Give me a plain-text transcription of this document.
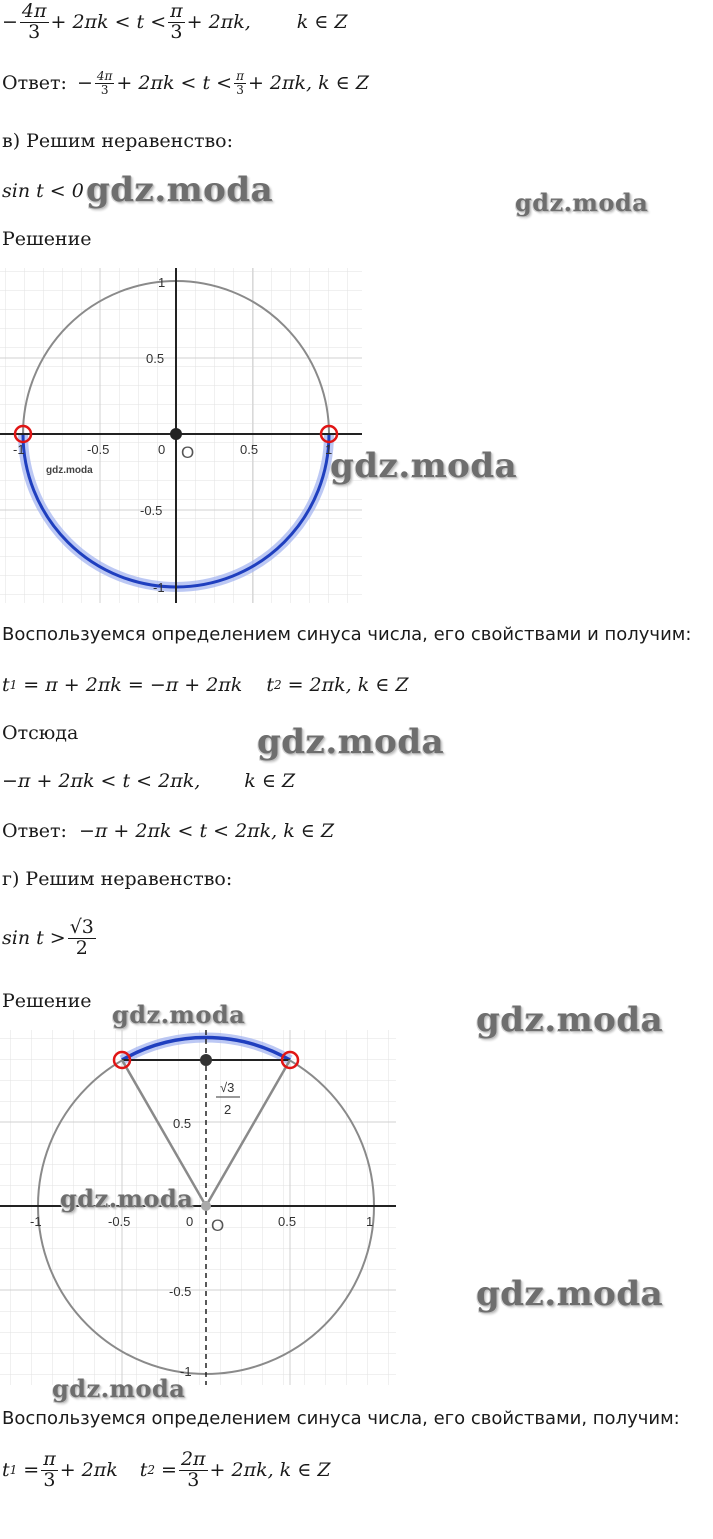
− $\frac{4\pi}{3} + 2\pi k < t < \frac{\pi}{3} + 2\pi k$, k ∈ Z
Ответ: − $\frac{4\pi}{3} + 2\pi k < t < \frac{\pi}{3} + 2\pi k$, k ∈ Z
в) Решим неравенство:
sin t < 0 gdz.moda	gdz.moda
Решение
1
0.5
0
-0.5
-1
-1	-0.5	0.5	1
O
gdz.moda	gdz.moda
Воспользуемся определением синуса числа, его свойствами и получим:
t 1 = π + 2πk = −π + 2πk t 2 = 2πk, k ∈ Z
Отсюда	gdz.moda
−π + 2πk < t < 2πk, k ∈ Z
Ответ: −π + 2πk < t < 2πk, k ∈ Z
г) Решим неравенство:
$\sin t > \frac{√3}{2}$
Решение gdz.moda	gdz.moda
0.5
-0.5
-1
-1	-0.5	0	0.5	1
O
√3
2
gdz.moda
gdz.moda
gdz.moda
Воспользуемся определением синуса числа, его свойствами, получим:
t $1 = \frac{\pi}{3} + 2\pi k$ t $2 = \frac{2\pi}{3} + 2\pi k$, k ∈ Z
